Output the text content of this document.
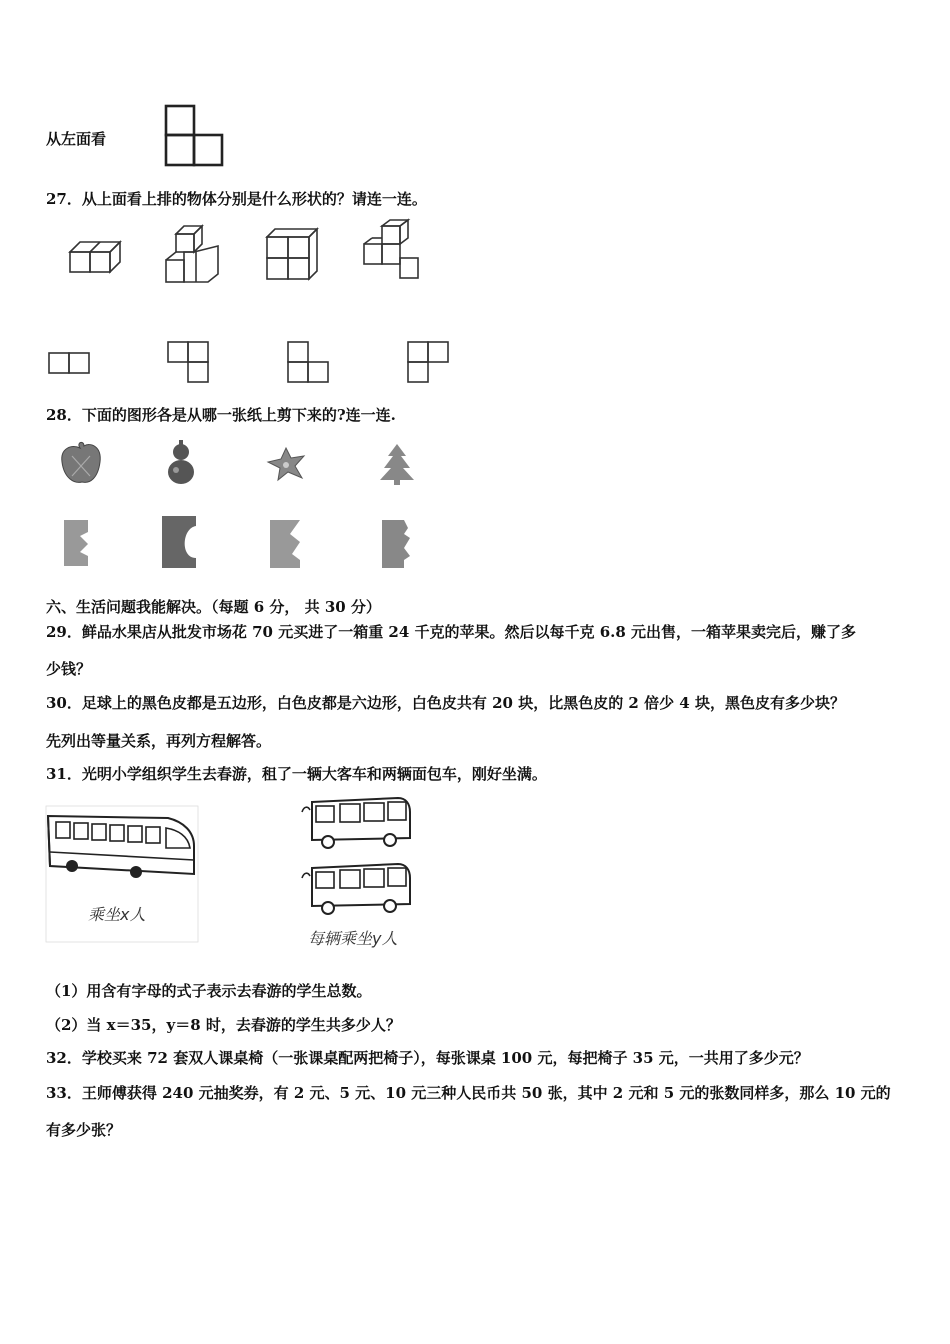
从左面看
27．从上面看上排的物体分别是什么形状的？请连一连。
28．下面的图形各是从哪一张纸上剪下来的?连一连.
六、生活问题我能解决。（每题 6 分， 共 30 分）
29．鲜品水果店从批发市场花 70 元买进了一箱重 24 千克的苹果。然后以每千克 6.8 元出售，一箱苹果卖完后，赚了多
少钱？
30．足球上的黑色皮都是五边形，白色皮都是六边形，白色皮共有 20 块，比黑色皮的 2 倍少 4 块，黑色皮有多少块？
先列出等量关系，再列方程解答。
31．光明小学组织学生去春游，租了一辆大客车和两辆面包车，刚好坐满。
乘坐x人
每辆乘坐y人
（1）用含有字母的式子表示去春游的学生总数。
（2）当 x＝35，y＝8 时，去春游的学生共多少人？
32．学校买来 72 套双人课桌椅（一张课桌配两把椅子），每张课桌 100 元，每把椅子 35 元，一共用了多少元？
33．王师傅获得 240 元抽奖券，有 2 元、5 元、10 元三种人民币共 50 张，其中 2 元和 5 元的张数同样多，那么 10 元的
有多少张？
